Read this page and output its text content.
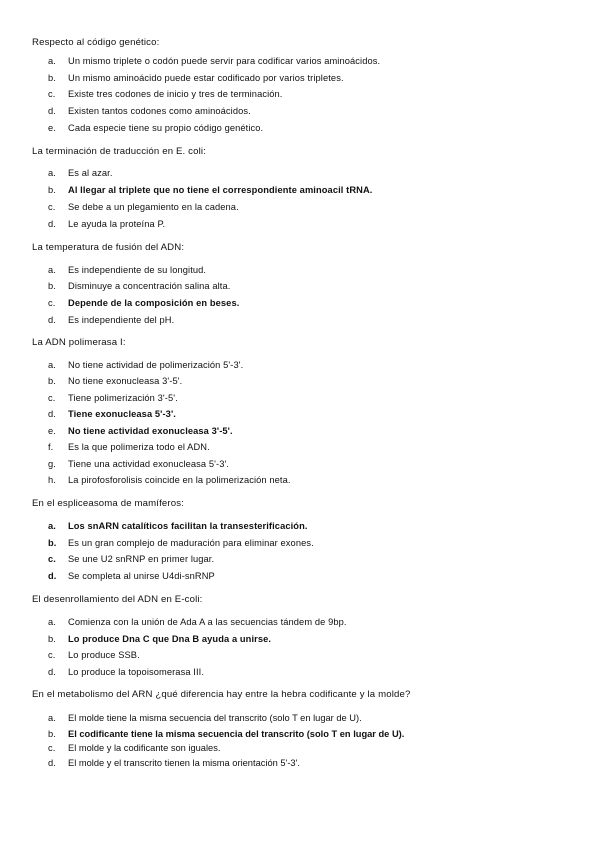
Respecto al código genético:
a.	Un mismo triplete o codón puede servir para codificar varios aminoácidos.
b.	Un mismo aminoácido puede estar codificado por varios tripletes.
c.	Existe tres codones de inicio y tres de terminación.
d.	Existen tantos codones como aminoácidos.
e.	Cada especie tiene su propio código genético.
La terminación de traducción en E. coli:
a.	Es al azar.
b.	Al llegar al triplete que no tiene el correspondiente aminoacil tRNA.
c.	Se debe a un plegamiento en la cadena.
d.	Le ayuda la proteína P.
La temperatura de fusión del ADN:
a.	Es independiente de su longitud.
b.	Disminuye a concentración salina alta.
c.	Depende de la composición en beses.
d.	Es independiente del pH.
La ADN polimerasa I:
a.	No tiene actividad de polimerización 5'-3'.
b.	No tiene exonucleasa 3'-5'.
c.	Tiene polimerización 3'-5'.
d.	Tiene exonucleasa 5'-3'.
e.	No tiene actividad exonucleasa 3'-5'.
f.	Es la que polimeriza todo el ADN.
g.	Tiene una actividad exonucleasa 5'-3'.
h.	La pirofosforolisis coincide en la polimerización neta.
En el espliceasoma de mamíferos:
a.	Los snARN catalíticos facilitan la transesterificación.
b.	Es un gran complejo de maduración para eliminar exones.
c.	Se une U2 snRNP en primer lugar.
d.	Se completa al unirse U4di-snRNP
El desenrollamiento del ADN en E-coli:
a.	Comienza con la unión de Ada A a las secuencias tándem de 9bp.
b.	Lo produce Dna C que Dna B ayuda a unirse.
c.	Lo produce SSB.
d.	Lo produce la topoisomerasa III.
En el metabolismo del ARN ¿qué diferencia hay entre la hebra codificante y la molde?
a.	El molde tiene la misma secuencia del transcrito (solo T en lugar de U).
b.	El codificante tiene la misma secuencia del transcrito (solo T en lugar de U).
c.	El molde y la codificante son iguales.
d.	El molde y el transcrito tienen la misma orientación 5'-3'.
